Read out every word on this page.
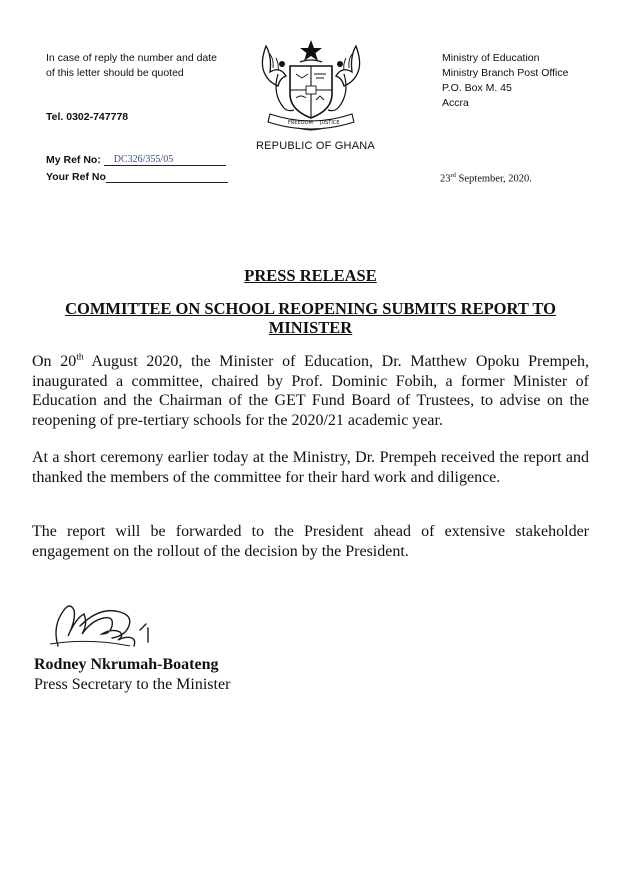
In case of reply the number and date of this letter should be quoted
Tel. 0302-747778	FREEDOM JUSTICE
REPUBLIC OF GHANA
Ministry of Education
Ministry Branch Post Office
P.O. Box M. 45
Accra
My Ref No: DC326/355/05
Your Ref No	23rd September, 2020.
PRESS RELEASE
COMMITTEE ON SCHOOL REOPENING SUBMITS REPORT TO MINISTER
On 20th August 2020, the Minister of Education, Dr. Matthew Opoku Prempeh, inaugurated a committee, chaired by Prof. Dominic Fobih, a former Minister of Education and the Chairman of the GET Fund Board of Trustees, to advise on the reopening of pre-tertiary schools for the 2020/21 academic year.
At a short ceremony earlier today at the Ministry, Dr. Prempeh received the report and thanked the members of the committee for their hard work and diligence.
The report will be forwarded to the President ahead of extensive stakeholder engagement on the rollout of the decision by the President.
Rodney Nkrumah-Boateng
Press Secretary to the Minister
